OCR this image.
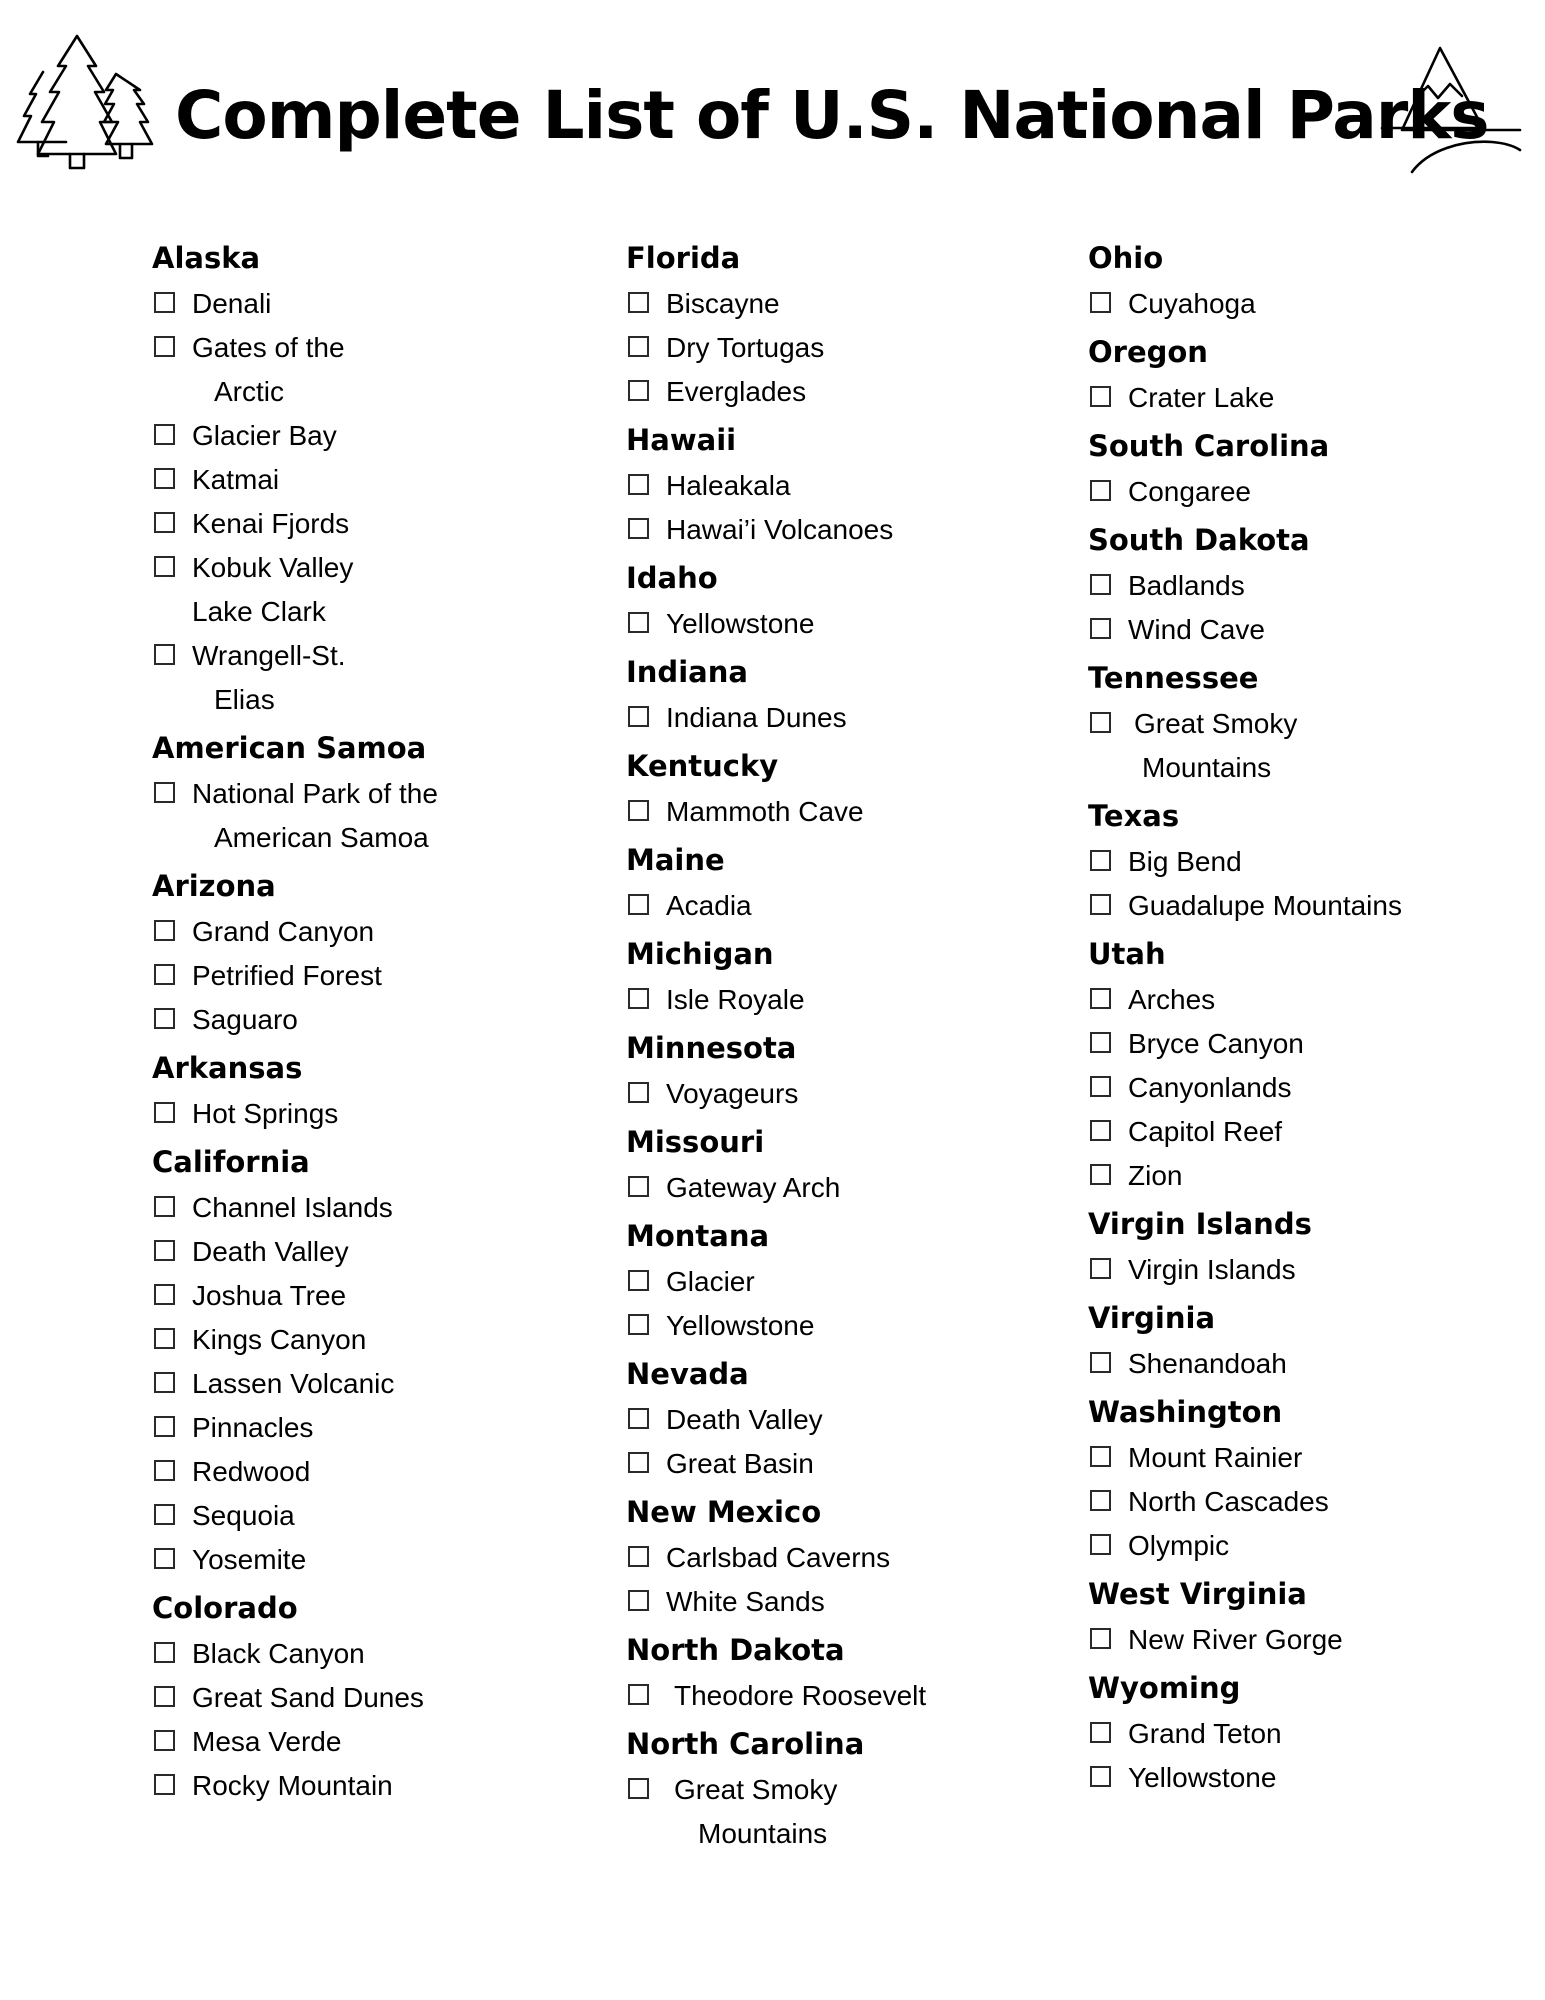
Complete List of U.S. National Parks
Alaska
Denali
Gates of the
Arctic
Glacier Bay
Katmai
Kenai Fjords
Kobuk Valley
Lake Clark
Wrangell-St.
Elias
American Samoa
National Park of the
American Samoa
Arizona
Grand Canyon
Petrified Forest
Saguaro
Arkansas
Hot Springs
California
Channel Islands
Death Valley
Joshua Tree
Kings Canyon
Lassen Volcanic
Pinnacles
Redwood
Sequoia
Yosemite
Colorado
Black Canyon
Great Sand Dunes
Mesa Verde
Rocky Mountain
Florida
Biscayne
Dry Tortugas
Everglades
Hawaii
Haleakala
Hawai’i Volcanoes
Idaho
Yellowstone
Indiana
Indiana Dunes
Kentucky
Mammoth Cave
Maine
Acadia
Michigan
Isle Royale
Minnesota
Voyageurs
Missouri
Gateway Arch
Montana
Glacier
Yellowstone
Nevada
Death Valley
Great Basin
New Mexico
Carlsbad Caverns
White Sands
North Dakota
Theodore Roosevelt
North Carolina
Great Smoky
Mountains
Ohio
Cuyahoga
Oregon
Crater Lake
South Carolina
Congaree
South Dakota
Badlands
Wind Cave
Tennessee
Great Smoky
Mountains
Texas
Big Bend
Guadalupe Mountains
Utah
Arches
Bryce Canyon
Canyonlands
Capitol Reef
Zion
Virgin Islands
Virgin Islands
Virginia
Shenandoah
Washington
Mount Rainier
North Cascades
Olympic
West Virginia
New River Gorge
Wyoming
Grand Teton
Yellowstone
